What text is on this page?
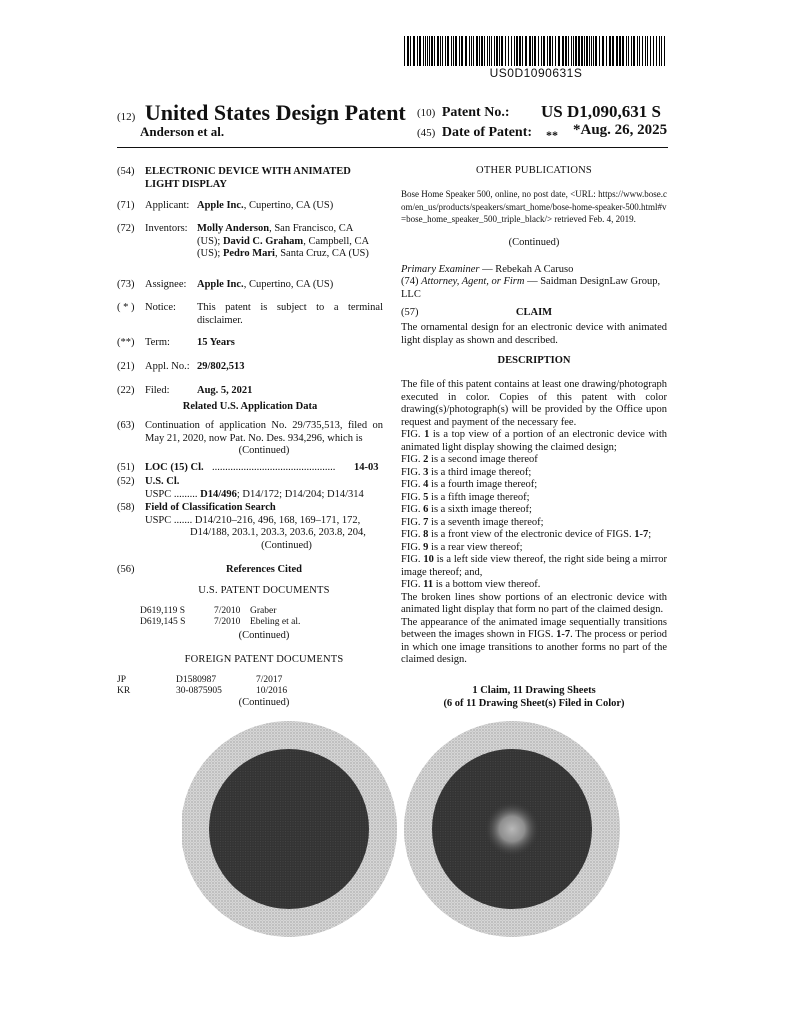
US0D1090631S
(12) United States Design Patent
Anderson et al.
(10) Patent No.: US D1,090,631 S
(45) Date of Patent: ** *Aug. 26, 2025
(54)	ELECTRONIC DEVICE WITH ANIMATED LIGHT DISPLAY
(71)	Applicant: Apple Inc., Cupertino, CA (US)
(72)	Inventors: Molly Anderson, San Francisco, CA (US); David C. Graham, Campbell, CA (US); Pedro Mari, Santa Cruz, CA (US)
(73)	Assignee:	Apple Inc., Cupertino, CA (US)
( * )	Notice:	This patent is subject to a terminal disclaimer.
(**)	Term:	15 Years
(21)	Appl. No.: 29/802,513
(22)	Filed:	Aug. 5, 2021
Related U.S. Application Data
(63)	Continuation of application No. 29/735,513, filed on May 21, 2020, now Pat. No. Des. 934,296, which is
(Continued)
(51)	LOC (15) Cl. ...............................................	14-03
(52)	U.S. Cl.
USPC ......... D14/496; D14/172; D14/204; D14/314
(58)	Field of Classification Search
USPC ....... D14/210–216, 496, 168, 169–171, 172,
D14/188, 203.1, 203.3, 203.6, 203.8, 204,
(Continued)
(56)	References Cited
U.S. PATENT DOCUMENTS
D619,119 S	7/2010 Graber
D619,145 S	7/2010 Ebeling et al.
(Continued)
FOREIGN PATENT DOCUMENTS
JP	D1580987	7/2017
KR	30-0875905	10/2016
(Continued)
OTHER PUBLICATIONS
Bose Home Speaker 500, online, no post date, <URL: https://www.bose.com/en_us/products/speakers/smart_home/bose-home-speaker-500.html#v=bose_home_speaker_500_triple_black/> retrieved Feb. 4, 2019.
(Continued)
Primary Examiner — Rebekah A Caruso
(74) Attorney, Agent, or Firm — Saidman DesignLaw Group, LLC
(57)	CLAIM
The ornamental design for an electronic device with animated light display as shown and described.
DESCRIPTION
The file of this patent contains at least one drawing/photograph executed in color. Copies of this patent with color drawing(s)/photograph(s) will be provided by the Office upon request and payment of the necessary fee.
FIG. 1 is a top view of a portion of an electronic device with animated light display showing the claimed design;
FIG. 2 is a second image thereof
FIG. 3 is a third image thereof;
FIG. 4 is a fourth image thereof;
FIG. 5 is a fifth image thereof;
FIG. 6 is a sixth image thereof;
FIG. 7 is a seventh image thereof;
FIG. 8 is a front view of the electronic device of FIGS. 1-7;
FIG. 9 is a rear view thereof;
FIG. 10 is a left side view thereof, the right side being a mirror image thereof; and,
FIG. 11 is a bottom view thereof.
The broken lines show portions of an electronic device with animated light display that form no part of the claimed design.
The appearance of the animated image sequentially transitions between the images shown in FIGS. 1-7. The process or period in which one image transitions to another forms no part of the claimed design.
1 Claim, 11 Drawing Sheets
(6 of 11 Drawing Sheet(s) Filed in Color)
